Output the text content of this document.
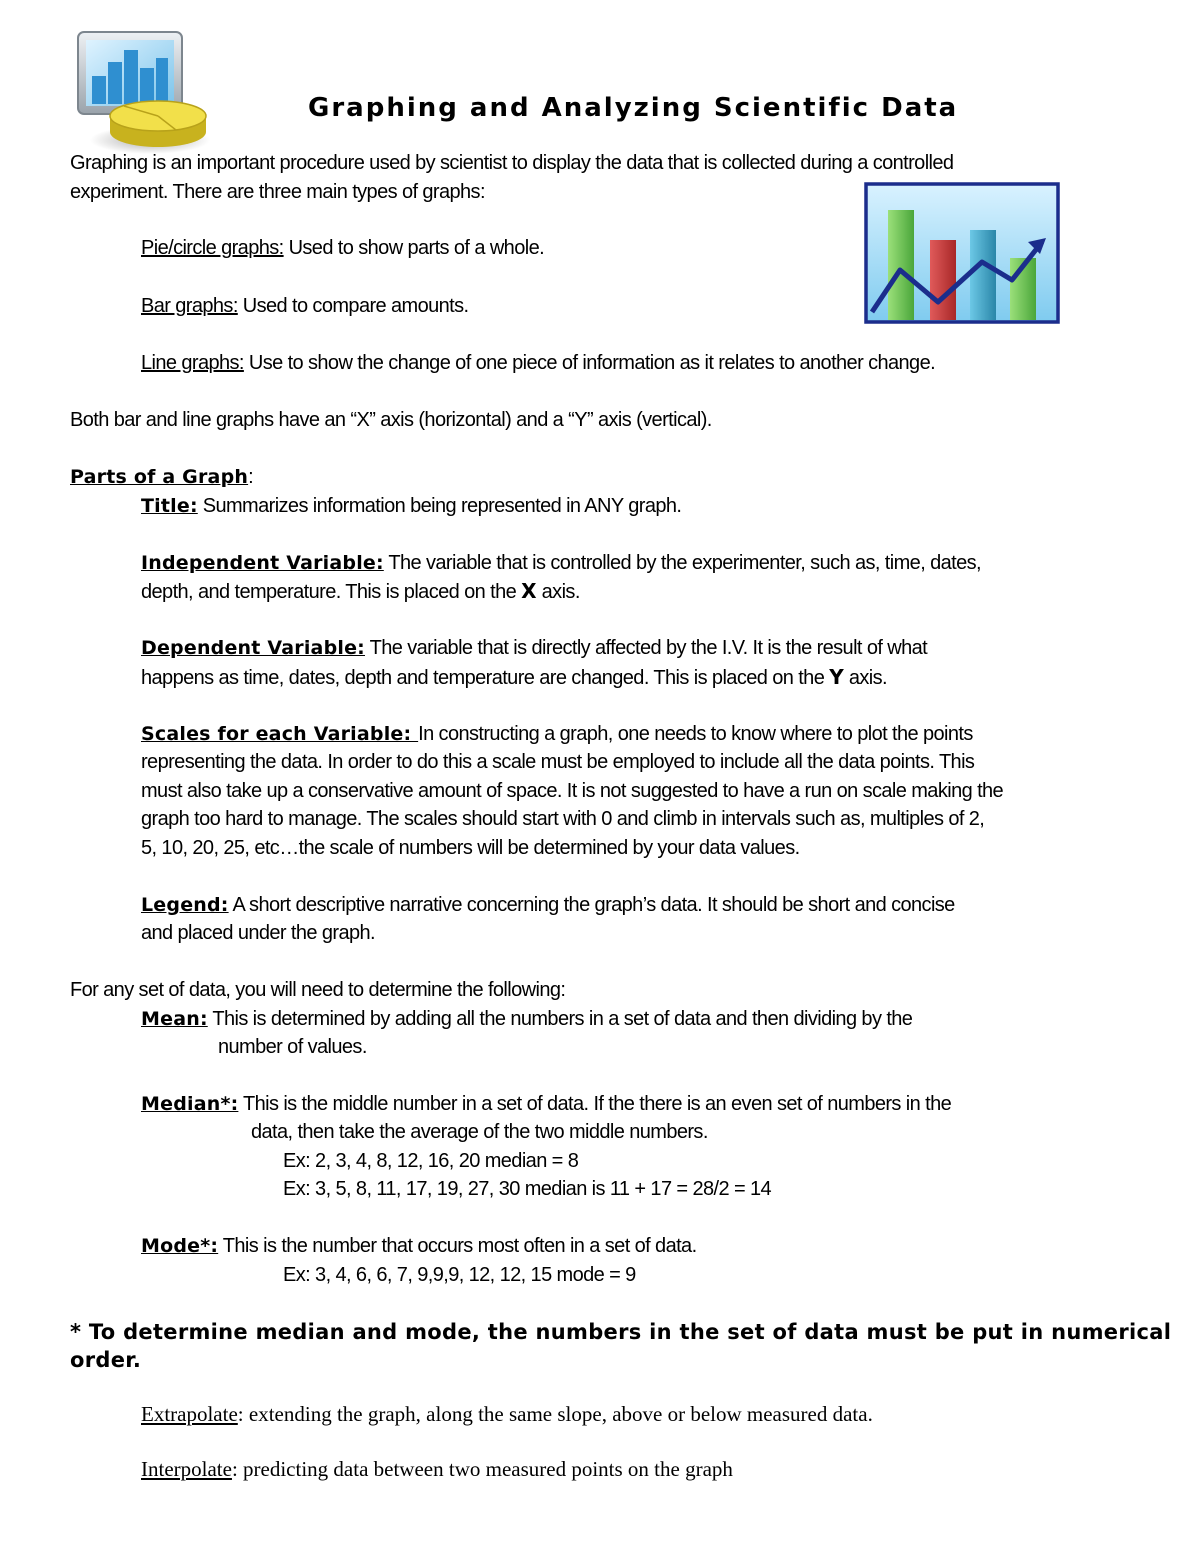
Graphing and Analyzing Scientific Data
Graphing is an important procedure used by scientist to display the data that is collected during a controlled
experiment. There are three main types of graphs:
Pie/circle graphs: Used to show parts of a whole.
Bar graphs: Used to compare amounts.
Line graphs: Use to show the change of one piece of information as it relates to another change.
Both bar and line graphs have an “X” axis (horizontal) and a “Y” axis (vertical).
Parts of a Graph:
Title: Summarizes information being represented in ANY graph.
Independent Variable: The variable that is controlled by the experimenter, such as, time, dates,
depth, and temperature. This is placed on the X axis.
Dependent Variable: The variable that is directly affected by the I.V. It is the result of what
happens as time, dates, depth and temperature are changed. This is placed on the Y axis.
Scales for each Variable: In constructing a graph, one needs to know where to plot the points
representing the data. In order to do this a scale must be employed to include all the data points. This
must also take up a conservative amount of space. It is not suggested to have a run on scale making the
graph too hard to manage. The scales should start with 0 and climb in intervals such as, multiples of 2,
5, 10, 20, 25, etc…the scale of numbers will be determined by your data values.
Legend: A short descriptive narrative concerning the graph’s data. It should be short and concise
and placed under the graph.
For any set of data, you will need to determine the following:
Mean: This is determined by adding all the numbers in a set of data and then dividing by the
number of values.
Median*: This is the middle number in a set of data. If the there is an even set of numbers in the
data, then take the average of the two middle numbers.
Ex: 2, 3, 4, 8, 12, 16, 20 median = 8
Ex: 3, 5, 8, 11, 17, 19, 27, 30 median is 11 + 17 = 28/2 = 14
Mode*: This is the number that occurs most often in a set of data.
Ex: 3, 4, 6, 6, 7, 9,9,9, 12, 12, 15 mode = 9
* To determine median and mode, the numbers in the set of data must be put in numerical
order.
Extrapolate: extending the graph, along the same slope, above or below measured data.
Interpolate: predicting data between two measured points on the graph
